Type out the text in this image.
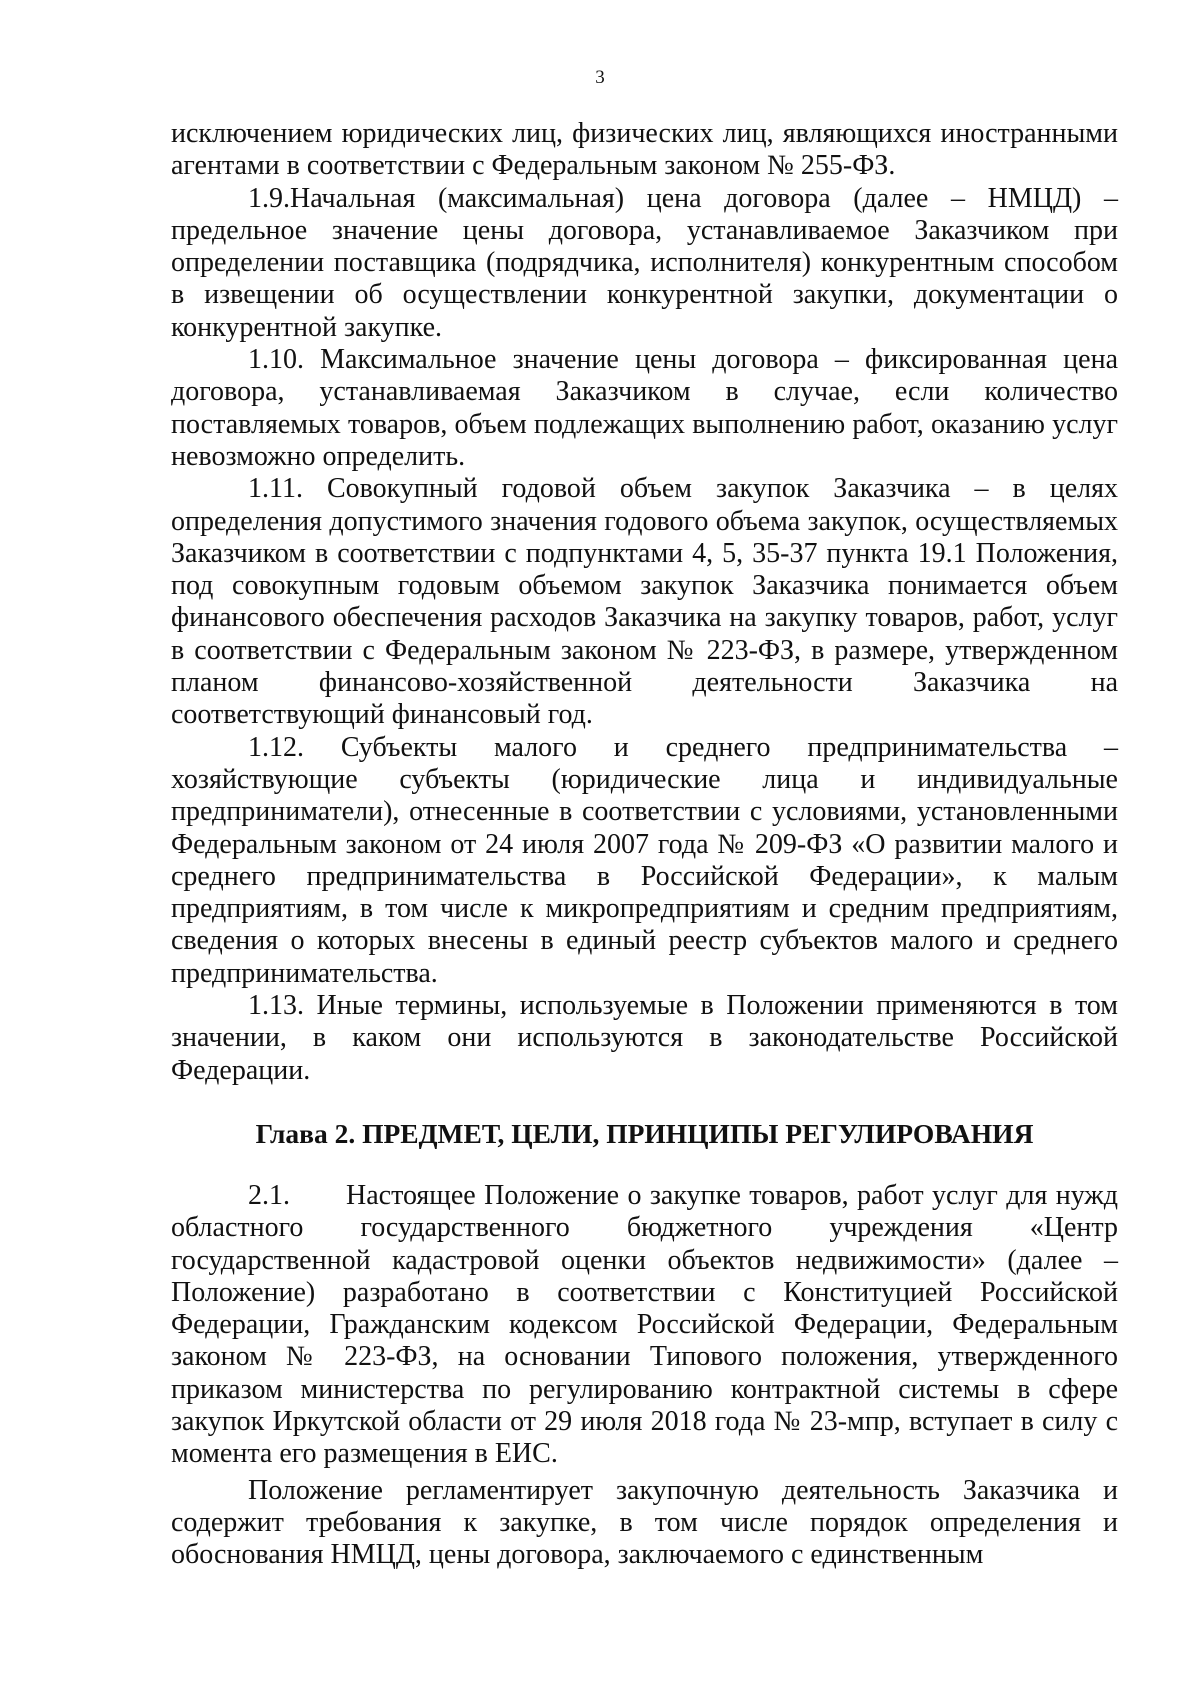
3

исключением юридических лиц, физических лиц, являющихся иностранными агентами в соответствии с Федеральным законом № 255-ФЗ.

1.9.Начальная (максимальная) цена договора (далее – НМЦД) – предельное значение цены договора, устанавливаемое Заказчиком при определении поставщика (подрядчика, исполнителя) конкурентным способом в извещении об осуществлении конкурентной закупки, документации о конкурентной закупке.

1.10. Максимальное значение цены договора – фиксированная цена договора, устанавливаемая Заказчиком в случае, если количество поставляемых товаров, объем подлежащих выполнению работ, оказанию услуг невозможно определить.

1.11. Совокупный годовой объем закупок Заказчика – в целях определения допустимого значения годового объема закупок, осуществляемых Заказчиком в соответствии с подпунктами 4, 5, 35-37 пункта 19.1 Положения, под совокупным годовым объемом закупок Заказчика понимается объем финансового обеспечения расходов Заказчика на закупку товаров, работ, услуг в соответствии с Федеральным законом № 223-ФЗ, в размере, утвержденном планом финансово-хозяйственной деятельности Заказчика на соответствующий финансовый год.

1.12. Субъекты малого и среднего предпринимательства – хозяйствующие субъекты (юридические лица и индивидуальные предприниматели), отнесенные в соответствии с условиями, установленными Федеральным законом от 24 июля 2007 года № 209-ФЗ «О развитии малого и среднего предпринимательства в Российской Федерации», к малым предприятиям, в том числе к микропредприятиям и средним предприятиям, сведения о которых внесены в единый реестр субъектов малого и среднего предпринимательства.

1.13. Иные термины, используемые в Положении применяются в том значении, в каком они используются в законодательстве Российской Федерации.

Глава 2. ПРЕДМЕТ, ЦЕЛИ, ПРИНЦИПЫ РЕГУЛИРОВАНИЯ

2.1.  Настоящее Положение о закупке товаров, работ услуг для нужд областного государственного бюджетного учреждения «Центр государственной кадастровой оценки объектов недвижимости» (далее – Положение) разработано в соответствии с Конституцией Российской Федерации, Гражданским кодексом Российской Федерации, Федеральным законом № 223-ФЗ, на основании Типового положения, утвержденного приказом министерства по регулированию контрактной системы в сфере закупок Иркутской области от 29 июля 2018 года № 23-мпр, вступает в силу с момента его размещения в ЕИС.

Положение регламентирует закупочную деятельность Заказчика и содержит требования к закупке, в том числе порядок определения и обоснования НМЦД, цены договора, заключаемого с единственным
